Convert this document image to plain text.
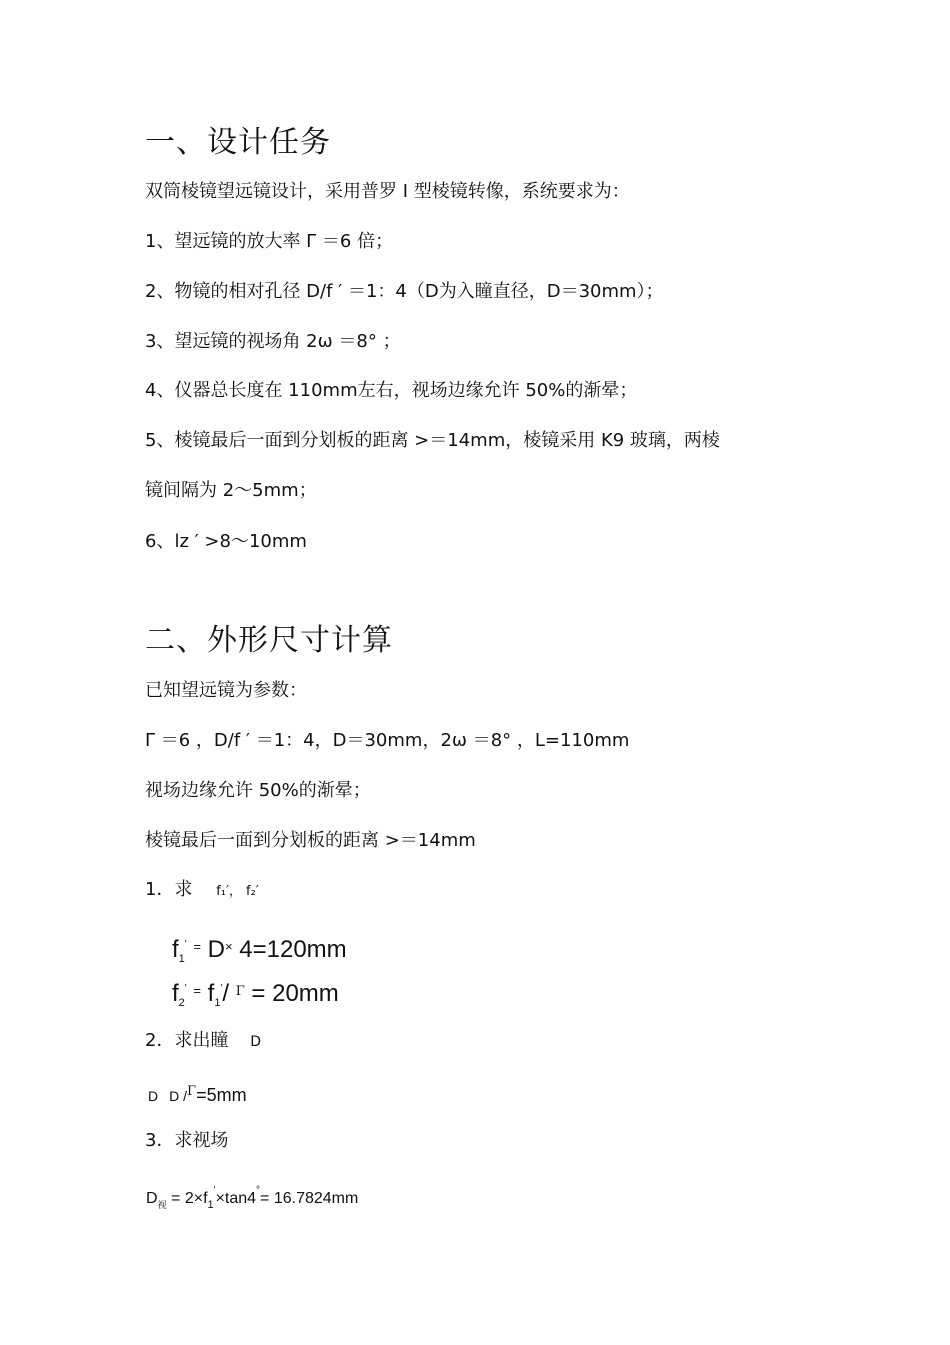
一、设计任务
双筒棱镜望远镜设计，采用普罗 I 型棱镜转像，系统要求为：
1、望远镜的放大率 Γ ＝6 倍；
2、物镜的相对孔径 D/f ′ ＝1：4（D为入瞳直径，D＝30mm）；
3、望远镜的视场角 2ω ＝8° ；
4、仪器总长度在 110mm左右，视场边缘允许 50%的渐晕；
5、棱镜最后一面到分划板的距离 >＝14mm，棱镜采用 K9 玻璃，两棱
镜间隔为 2～5mm；
6、lz ′ >8～10mm
二、外形尺寸计算
已知望远镜为参数：
Γ ＝6 ，D/f ′ ＝1：4，D＝30mm，2ω ＝8° ，L=110mm
视场边缘允许 50%的渐晕；
棱镜最后一面到分划板的距离 >＝14mm
1．求 f₁′， f₂′
$f_1'$ = D× 4=120mm
$f_2'$ = $f_1'/$ $^\Gamma$ = 20mm
2．求出瞳 D
D D /$^\Gamma$=5mm
3．求视场
$D_视 = 2\times f_1'\times\tan 4^\circ= 16.7824mm$
